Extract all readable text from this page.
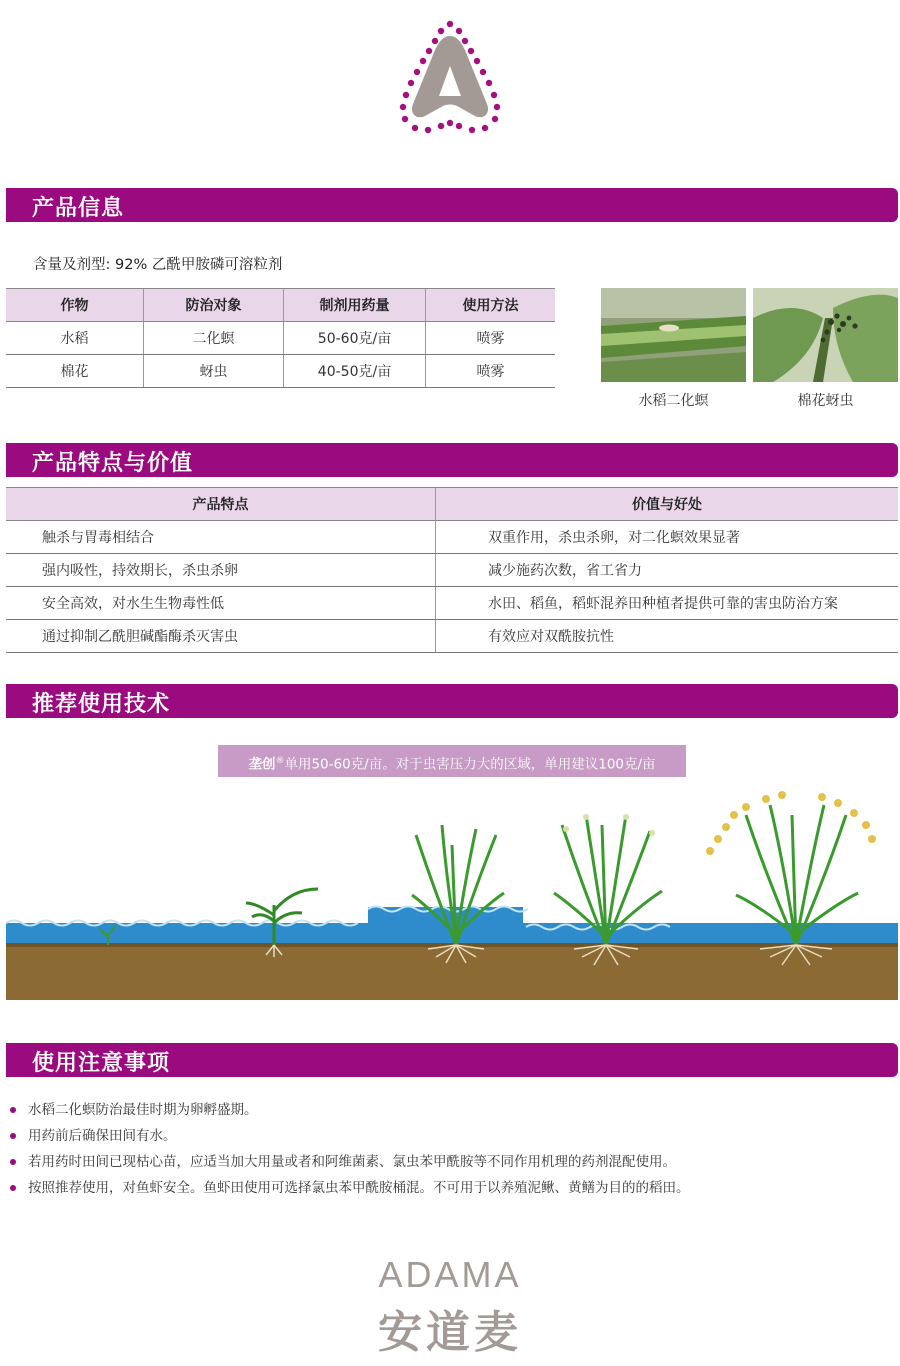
产品信息
含量及剂型: 92% 乙酰甲胺磷可溶粒剂
作物	防治对象	制剂用药量	使用方法
水稻	二化螟	50-60克/亩	喷雾
棉花	蚜虫	40-50克/亩	喷雾
水稻二化螟	棉花蚜虫
产品特点与价值
产品特点	价值与好处
触杀与胃毒相结合	双重作用，杀虫杀卵，对二化螟效果显著
强内吸性，持效期长，杀虫杀卵	减少施药次数，省工省力
安全高效，对水生生物毒性低	水田、稻鱼，稻虾混养田种植者提供可靠的害虫防治方案
通过抑制乙酰胆碱酯酶杀灭害虫	有效应对双酰胺抗性
推荐使用技术
垄创®单用50-60克/亩。对于虫害压力大的区域，单用建议100克/亩
使用注意事项
水稻二化螟防治最佳时期为卵孵盛期。
用药前后确保田间有水。
若用药时田间已现枯心苗，应适当加大用量或者和阿维菌素、氯虫苯甲酰胺等不同作用机理的药剂混配使用。
按照推荐使用，对鱼虾安全。鱼虾田使用可选择氯虫苯甲酰胺桶混。不可用于以养殖泥鳅、黄鳝为目的的稻田。
ADAMA
安道麦
